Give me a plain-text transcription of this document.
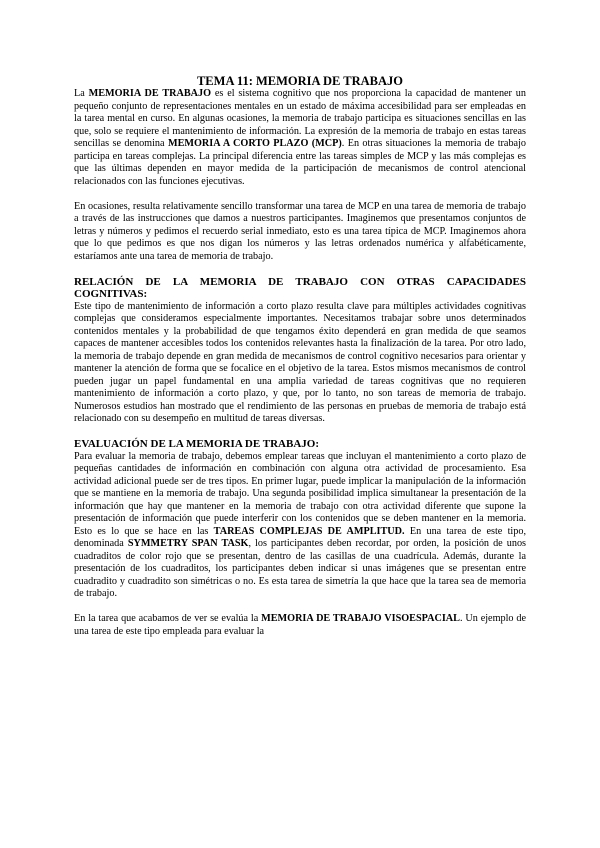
TEMA 11: MEMORIA DE TRABAJO

La MEMORIA DE TRABAJO es el sistema cognitivo que nos proporciona la capacidad de mantener un pequeño conjunto de representaciones mentales en un estado de máxima accesibilidad para ser empleadas en la tarea mental en curso. En algunas ocasiones, la memoria de trabajo participa es situaciones sencillas en las que, solo se requiere el mantenimiento de información. La expresión de la memoria de trabajo en estas tareas sencillas se denomina MEMORIA A CORTO PLAZO (MCP). En otras situaciones la memoria de trabajo participa en tareas complejas. La principal diferencia entre las tareas simples de MCP y las más complejas es que las últimas dependen en mayor medida de la participación de mecanismos de control atencional relacionados con las funciones ejecutivas.

En ocasiones, resulta relativamente sencillo transformar una tarea de MCP en una tarea de memoria de trabajo a través de las instrucciones que damos a nuestros participantes. Imaginemos que presentamos conjuntos de letras y números y pedimos el recuerdo serial inmediato, esto es una tarea típica de MCP. Imaginemos ahora que lo que pedimos es que nos digan los números y las letras ordenados numérica y alfabéticamente, estaríamos ante una tarea de memoria de trabajo.

RELACIÓN DE LA MEMORIA DE TRABAJO CON OTRAS CAPACIDADES COGNITIVAS:

Este tipo de mantenimiento de información a corto plazo resulta clave para múltiples actividades cognitivas complejas que consideramos especialmente importantes. Necesitamos trabajar sobre unos determinados contenidos mentales y la probabilidad de que tengamos éxito dependerá en gran medida de que seamos capaces de mantener accesibles todos los contenidos relevantes hasta la finalización de la tarea. Por otro lado, la memoria de trabajo depende en gran medida de mecanismos de control cognitivo necesarios para orientar y mantener la atención de forma que se focalice en el objetivo de la tarea. Estos mismos mecanismos de control pueden jugar un papel fundamental en una amplia variedad de tareas cognitivas que no requieren mantenimiento de información a corto plazo, y que, por lo tanto, no son tareas de memoria de trabajo. Numerosos estudios han mostrado que el rendimiento de las personas en pruebas de memoria de trabajo está relacionado con su desempeño en multitud de tareas diversas.

EVALUACIÓN DE LA MEMORIA DE TRABAJO:

Para evaluar la memoria de trabajo, debemos emplear tareas que incluyan el mantenimiento a corto plazo de pequeñas cantidades de información en combinación con alguna otra actividad de procesamiento. Esa actividad adicional puede ser de tres tipos. En primer lugar, puede implicar la manipulación de la información que se mantiene en la memoria de trabajo. Una segunda posibilidad implica simultanear la presentación de la información que hay que mantener en la memoria de trabajo con otra actividad diferente que supone la presentación de información que puede interferir con los contenidos que se deben mantener en la memoria. Esto es lo que se hace en las TAREAS COMPLEJAS DE AMPLITUD. En una tarea de este tipo, denominada SYMMETRY SPAN TASK, los participantes deben recordar, por orden, la posición de unos cuadraditos de color rojo que se presentan, dentro de las casillas de una cuadrícula. Además, durante la presentación de los cuadraditos, los participantes deben indicar si unas imágenes que se presentan entre cuadradito y cuadradito son simétricas o no. Es esta tarea de simetría la que hace que la tarea sea de memoria de trabajo.

En la tarea que acabamos de ver se evalúa la MEMORIA DE TRABAJO VISOESPACIAL. Un ejemplo de una tarea de este tipo empleada para evaluar la
